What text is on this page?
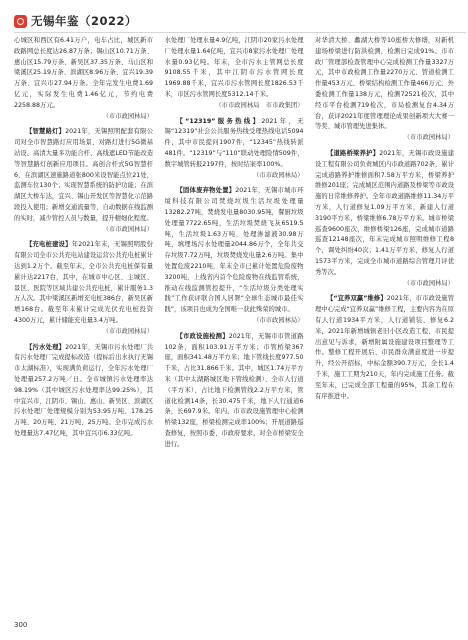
无锡年鉴（2022）

心城区和西区有6.41万户，电车占比，城区新市政路网总长度达26.87万条；锡山区10.71万条、惠山区15.79万条、新吴区37.35万条、马山区和梁溪区25.19万条、滨湖区8.96万条、宜兴19.39万条、宜兴市27.94万条。全年完发生电费1.69亿元，实际发生电费1.46亿元，节约电费2258.88万元。

（市市政园林局）

【智慧路灯】2021年，无锡照明配套有限公司对全市智慧路灯应用场景、对路灯进行5G微基站设、高清大量多功能合杆、高线遮LED节能改造等智慧路灯创新应用项目。高创合杆式5G智慧杆6、在滨湖区速施路道张800米设智能点位21处，监测车位130个；实现智慧系统的防护功能；在滨湖区大桥车达，宜兴、锡山开发区等智慧化示范路段投入使用；新增交通流量等、自动数据在线监测的实时，减少管控人员与数量，提升精细化程度。

（市市政园林局）

【充电桩建设】年2021年末，无锡照明股份有限公司全市公共充电站建设运营公共充电桩累计达到1.2万个。截至年末，全市公共充电桩保有量累计达2217台，其中，在城市中心区、主城区、景区、医院等区域共建公共充电桩，累计服务1.3万人次。其中梁溪区新增充电桩386台、新吴区新增168台。截至年末累计完成光伏充电桩投资4300万元，累计储能充电量3.4万吨。

（市市政园林局）

【污水处理】2021年，无锡市污水处理厂共有污水处理厂完成提标改造（提标后出水执行无锡市太湖标准），实现满负荷运行，全年污水处理厂处理量257.2万吨／日。全市城镇污水处理率达98.19%（其中城区污水处理率达99.25%），其中宜兴市、江阴市、锡山、惠山、新吴区、滨湖区污水处理厂处理规模分别为53.95万吨、178.25万吨、20万吨、21万吨、25万吨。全市完成污水处理量达7.47亿吨，其中宜兴市6.33亿吨。

水处理厂处理水量4.9亿吨，江阴市20家污水处理厂处理水量1.64亿吨，宜兴市8家污水处理厂处理水量0.93亿吨。年末，全市污水主管网总长度9108.55千米，其中江阴市污水管网长度1969.88千米，宜兴市污水管网长度1826.53千米，市区污水管网长度5312.14千米。

（市市政园林局　市市政集团）

【“12319”服务热线】2021年，无锡“12319”社会公共服务热线受理热线电话5094件，其中市民提问1907件，“12345”热线转派481件。“12319”与“110”联动处理险情509件，数字城管转报2197件，按时结案率100%。

（市市政园林局）

【固体废弃物处置】2021年，无锡市城市环境科技有限公司焚烧垃圾生活垃圾处理量13282.27吨，焚烧发电量8030.95吨，餐厨垃圾处理量7722.65吨，生活垃圾焚烧飞灰6519.5吨，生活垃圾1.63万吨，处理渗滤液30.98万吨，填埋场污水处理量2044.86万个，全年共交存垃圾7.72万吨，垃圾焚烧发电量2.6万吨。集中处置危废2210吨，年末全市已累计处置危险废物3200吨，上线省内首个危险废物在线监管系统，推动在线监测管控提升，“生活垃圾分类处理实践”工作获评联合国人居署“全球生态城市最佳实践”，该项目也成为全国唯一获此殊荣的城市。

（市市政园林局）

【市政设施检测】2021年，无锡市市管道路102条，面积103.91万平方米；市管桥梁367座，面积341.48万平方米；地下管线长度977.50千米，占比31.866千米。其中，城区1.74万平方米（其中太湖路城区地下管线检测）、全市人行道（平方米）、占比地下检测管线2.2万平方米，管道化检测14条，长30.475千米，地下人行通道6条，长697.9米。年内，市市政设施管理中心检测桥梁132座，桥梁检测完成率100%；开展道路巡查修复，按照市委、市政府要求，对全市桥梁安全进行。

对华清大桥、蠡湖大桥等10座桥大修缮，对新机建场桥梁进行防洪检测，检测日完成91%。市市政厂管理部检查管理中心完成检测工作量3327万元，其中市政检测工作量2270万元、管道检测工作量453万元、桥梁结构检测工作量466万元、外委检测工作量138万元，检测72521检次，其中经市平台检测719检次，市局检测复台4.34万台，获评2021年度管理理论成果创新项大大赛一等奖、城市管理先进集体。

（市市政园林局）

【道路桥梁养护】2021年，无锡市政设施建设工程有限公司负责城区内市政道路702条，累计完成道路养护维修面积7.58万平方米，桥梁养护维修201座；完成城区范围内道路及桥梁等市政设施的日常维修养护。全年市政道路维修11.34万平方米，人行道修复1.09万平方米，新建人行道3190平方米，桥梁维修6.78万平方米。城市桥梁巡查9600座次，维修桥梁126座，完成城市道路巡查12148座次，年末完成城市照明维修工程8个，调处纠纷40次；1.41万平方米，修复人行道1573平方米，完成全市城市道路综合管理月评优秀等次。

（市市政园林局）

【“宜养双赢”维修】2021年，市市政设施管理中心完成“宜养双赢”维修工程，主要内容为在原有人行道1934平方米，人行道铺装、修复6.2米，2021年新增城镇老旧小区改造工程、市民提出意见与诉求，新增附属设施建设项目整理等工作。整修工程开展后、市民群众满意度进一步提升，经公开招标，中标金额390.7万元，全长1.4千米，施工工期为210天，年内完成施工任务。截至年末，已完成全部工程量的95%，其余工程在有序推进中。

300
